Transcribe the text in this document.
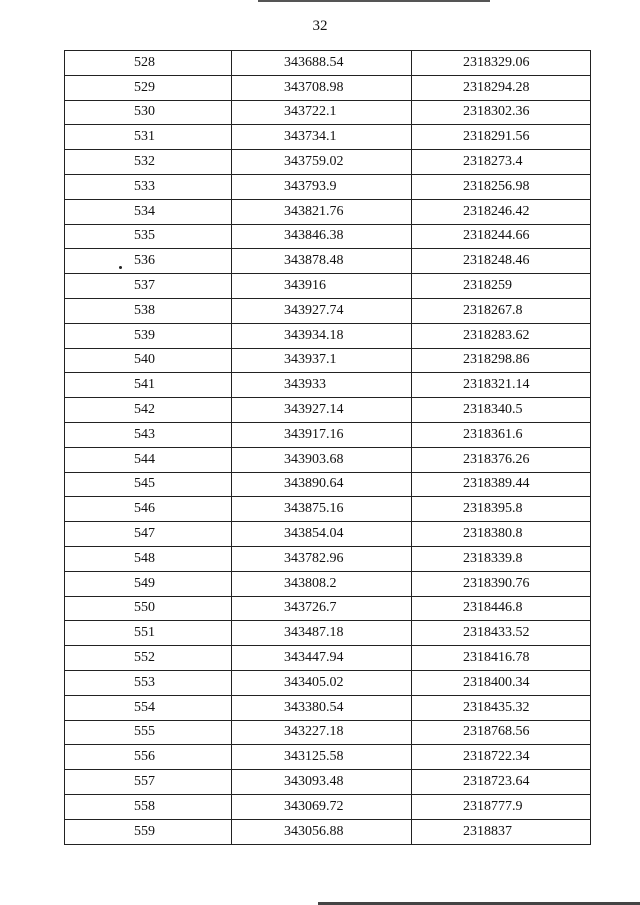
32
528	343688.54	2318329.06
529	343708.98	2318294.28
530	343722.1	2318302.36
531	343734.1	2318291.56
532	343759.02	2318273.4
533	343793.9	2318256.98
534	343821.76	2318246.42
535	343846.38	2318244.66
536	343878.48	2318248.46
537	343916	2318259
538	343927.74	2318267.8
539	343934.18	2318283.62
540	343937.1	2318298.86
541	343933	2318321.14
542	343927.14	2318340.5
543	343917.16	2318361.6
544	343903.68	2318376.26
545	343890.64	2318389.44
546	343875.16	2318395.8
547	343854.04	2318380.8
548	343782.96	2318339.8
549	343808.2	2318390.76
550	343726.7	2318446.8
551	343487.18	2318433.52
552	343447.94	2318416.78
553	343405.02	2318400.34
554	343380.54	2318435.32
555	343227.18	2318768.56
556	343125.58	2318722.34
557	343093.48	2318723.64
558	343069.72	2318777.9
559	343056.88	2318837
